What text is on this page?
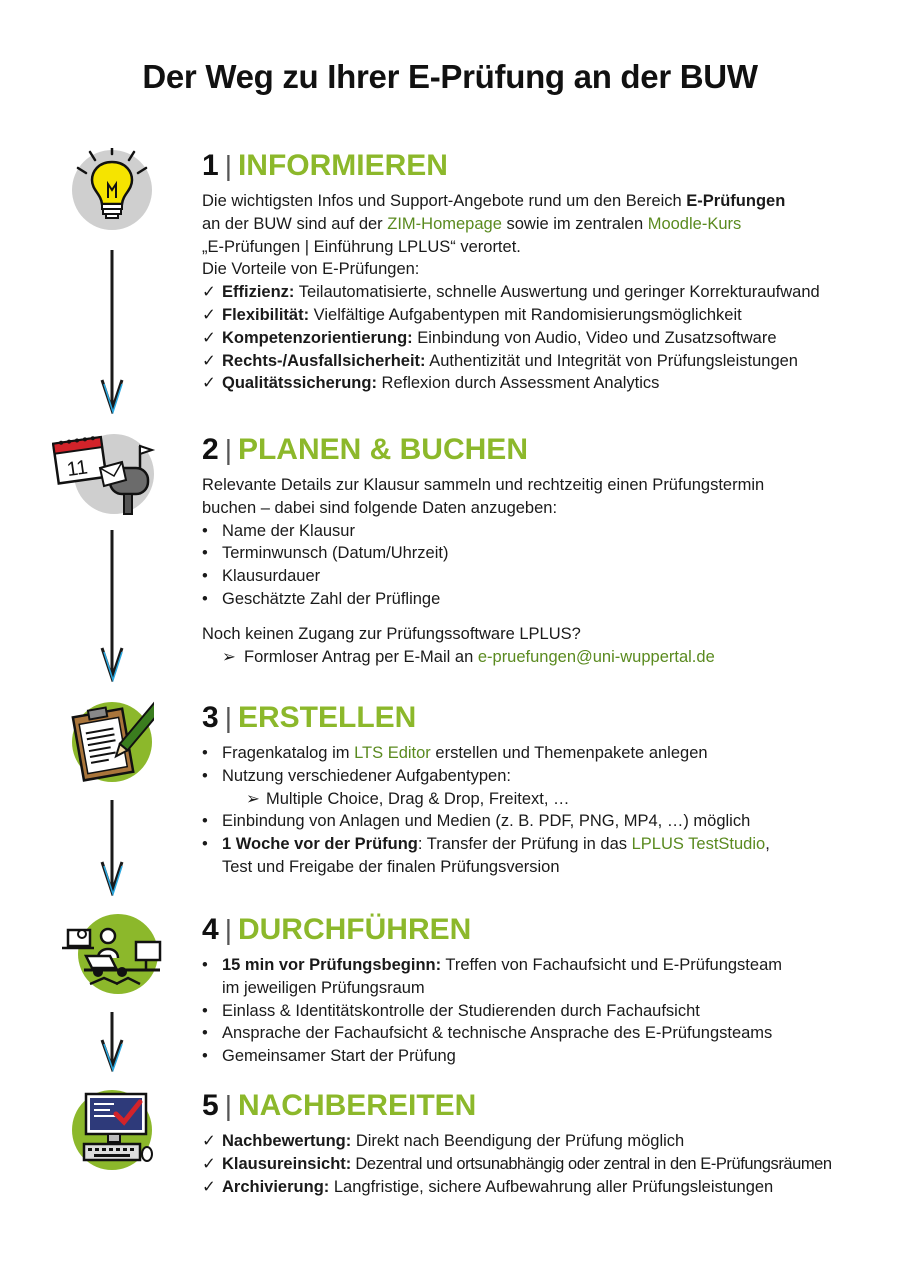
Der Weg zu Ihrer E-Prüfung an der BUW
1 | INFORMIEREN
Die wichtigsten Infos und Support-Angebote rund um den Bereich E-Prüfungen
an der BUW sind auf der ZIM-Homepage sowie im zentralen Moodle-Kurs
„E-Prüfungen | Einführung LPLUS“ verortet.
Die Vorteile von E-Prüfungen:
✓ Effizienz: Teilautomatisierte, schnelle Auswertung und geringer Korrekturaufwand
✓ Flexibilität: Vielfältige Aufgabentypen mit Randomisierungsmöglichkeit
✓ Kompetenzorientierung: Einbindung von Audio, Video und Zusatzsoftware
✓ Rechts-/Ausfallsicherheit: Authentizität und Integrität von Prüfungsleistungen
✓ Qualitätssicherung: Reflexion durch Assessment Analytics
11
2 | PLANEN & BUCHEN
Relevante Details zur Klausur sammeln und rechtzeitig einen Prüfungstermin
buchen – dabei sind folgende Daten anzugeben:
• Name der Klausur
• Terminwunsch (Datum/Uhrzeit)
• Klausurdauer
• Geschätzte Zahl der Prüflinge
Noch keinen Zugang zur Prüfungssoftware LPLUS?
➢ Formloser Antrag per E-Mail an e-pruefungen@uni-wuppertal.de
3 | ERSTELLEN
• Fragenkatalog im LTS Editor erstellen und Themenpakete anlegen
• Nutzung verschiedener Aufgabentypen:
➢ Multiple Choice, Drag & Drop, Freitext, …
• Einbindung von Anlagen und Medien (z. B. PDF, PNG, MP4, …) möglich
• 1 Woche vor der Prüfung: Transfer der Prüfung in das LPLUS TestStudio,
Test und Freigabe der finalen Prüfungsversion
4 | DURCHFÜHREN
• 15 min vor Prüfungsbeginn: Treffen von Fachaufsicht und E-Prüfungsteam
im jeweiligen Prüfungsraum
• Einlass & Identitätskontrolle der Studierenden durch Fachaufsicht
• Ansprache der Fachaufsicht & technische Ansprache des E-Prüfungsteams
• Gemeinsamer Start der Prüfung
5 | NACHBEREITEN
✓ Nachbewertung: Direkt nach Beendigung der Prüfung möglich
✓ Klausureinsicht: Dezentral und ortsunabhängig oder zentral in den E-Prüfungsräumen
✓ Archivierung: Langfristige, sichere Aufbewahrung aller Prüfungsleistungen
